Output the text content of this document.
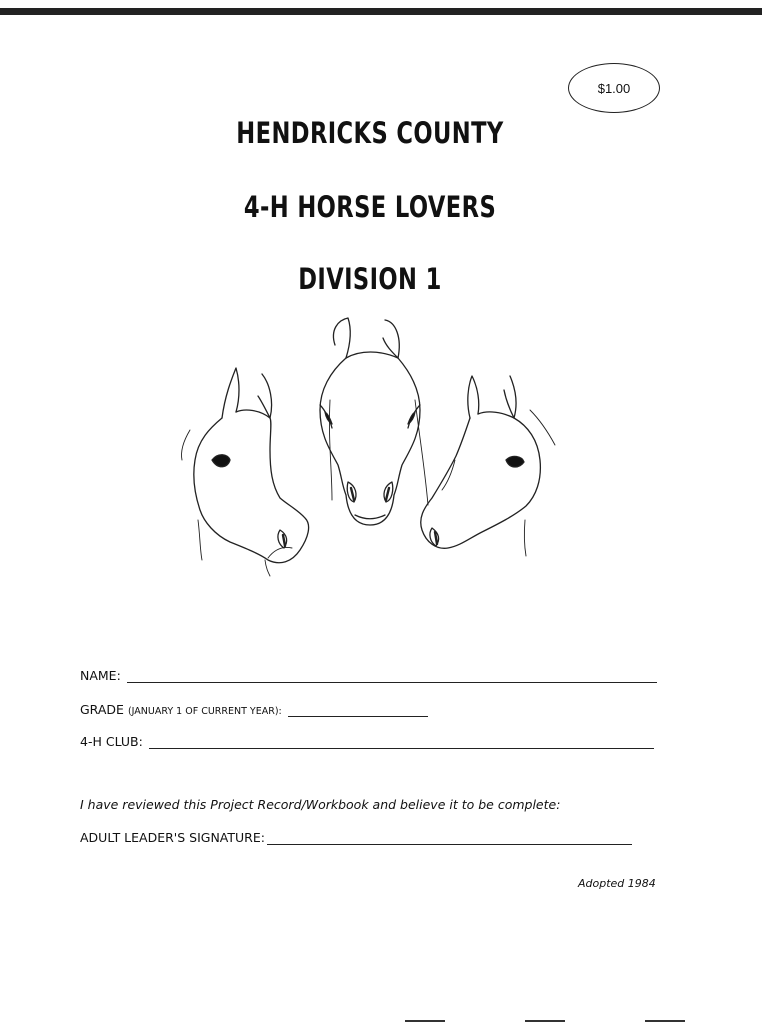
$1.00
HENDRICKS COUNTY
4-H HORSE LOVERS
DIVISION 1
NAME:
GRADE (JANUARY 1 OF CURRENT YEAR):
4-H CLUB:
I have reviewed this Project Record/Workbook and believe it to be complete:
ADULT LEADER'S SIGNATURE:
Adopted 1984
